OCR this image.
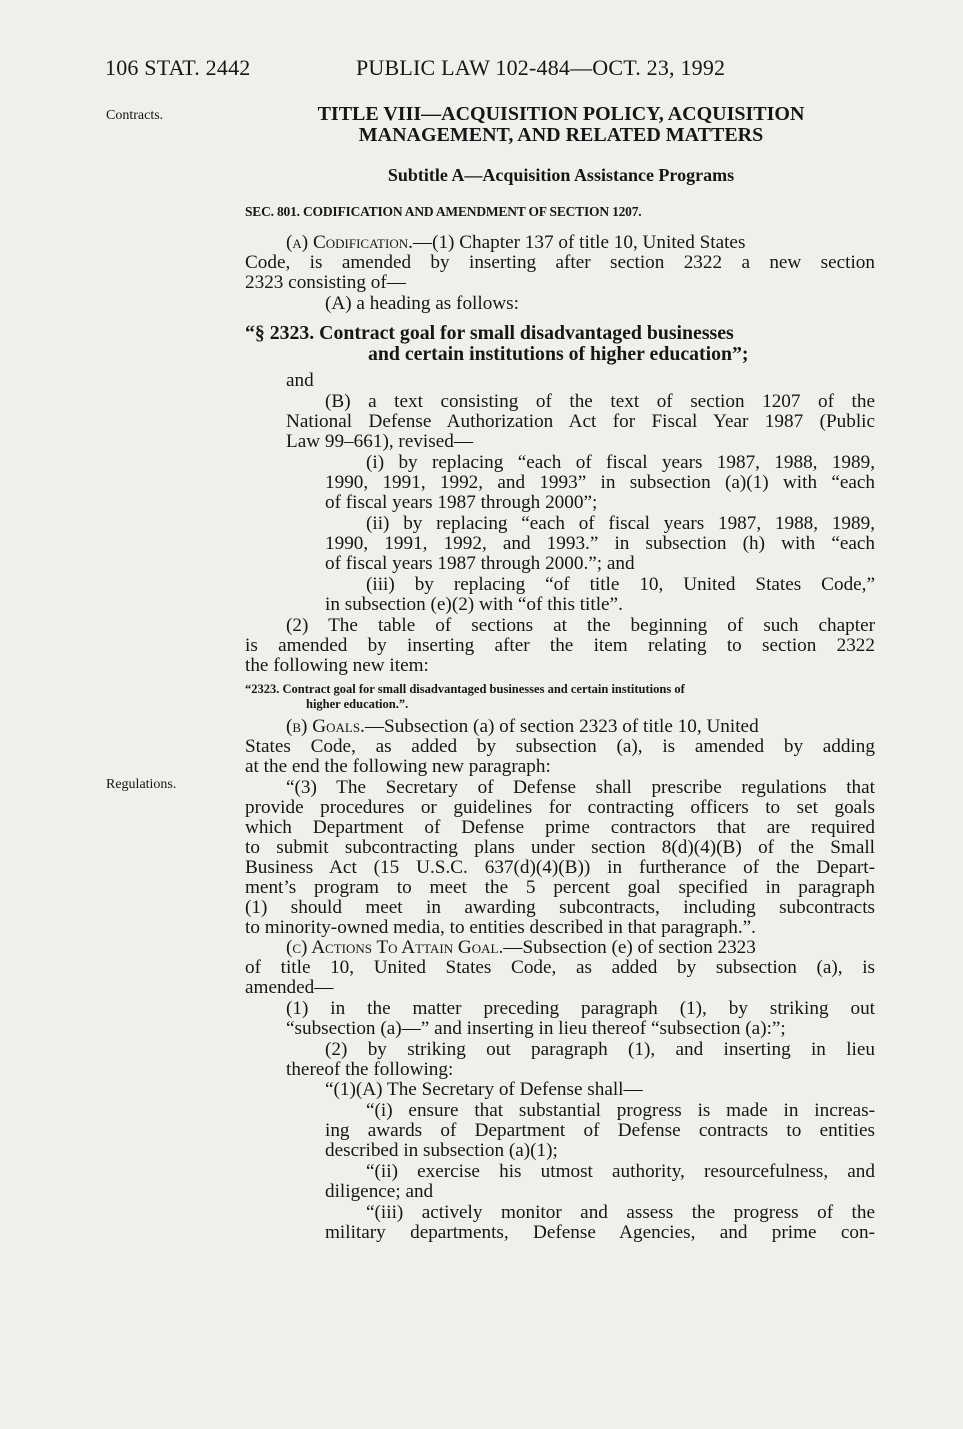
106 STAT. 2442	PUBLIC LAW 102-484—OCT. 23, 1992
Contracts.
Regulations.
TITLE VIII—ACQUISITION POLICY, ACQUISITION
MANAGEMENT, AND RELATED MATTERS
Subtitle A—Acquisition Assistance Programs
SEC. 801. CODIFICATION AND AMENDMENT OF SECTION 1207.
(a) Codification.—(1) Chapter 137 of title 10, United States
Code, is amended by inserting after section 2322 a new section
2323 consisting of—
(A) a heading as follows:
“§ 2323. Contract goal for small disadvantaged businesses
and certain institutions of higher education”;
and
(B) a text consisting of the text of section 1207 of the
National Defense Authorization Act for Fiscal Year 1987 (Public
Law 99–661), revised—
(i) by replacing “each of fiscal years 1987, 1988, 1989,
1990, 1991, 1992, and 1993” in subsection (a)(1) with “each
of fiscal years 1987 through 2000”;
(ii) by replacing “each of fiscal years 1987, 1988, 1989,
1990, 1991, 1992, and 1993.” in subsection (h) with “each
of fiscal years 1987 through 2000.”; and
(iii) by replacing “of title 10, United States Code,”
in subsection (e)(2) with “of this title”.
(2) The table of sections at the beginning of such chapter
is amended by inserting after the item relating to section 2322
the following new item:
“2323. Contract goal for small disadvantaged businesses and certain institutions of
higher education.”.
(b) Goals.—Subsection (a) of section 2323 of title 10, United
States Code, as added by subsection (a), is amended by adding
at the end the following new paragraph:
“(3) The Secretary of Defense shall prescribe regulations that
provide procedures or guidelines for contracting officers to set goals
which Department of Defense prime contractors that are required
to submit subcontracting plans under section 8(d)(4)(B) of the Small
Business Act (15 U.S.C. 637(d)(4)(B)) in furtherance of the Depart-
ment’s program to meet the 5 percent goal specified in paragraph
(1) should meet in awarding subcontracts, including subcontracts
to minority-owned media, to entities described in that paragraph.”.
(c) Actions To Attain Goal.—Subsection (e) of section 2323
of title 10, United States Code, as added by subsection (a), is
amended—
(1) in the matter preceding paragraph (1), by striking out
“subsection (a)—” and inserting in lieu thereof “subsection (a):”;
(2) by striking out paragraph (1), and inserting in lieu
thereof the following:
“(1)(A) The Secretary of Defense shall—
“(i) ensure that substantial progress is made in increas-
ing awards of Department of Defense contracts to entities
described in subsection (a)(1);
“(ii) exercise his utmost authority, resourcefulness, and
diligence; and
“(iii) actively monitor and assess the progress of the
military departments, Defense Agencies, and prime con-
